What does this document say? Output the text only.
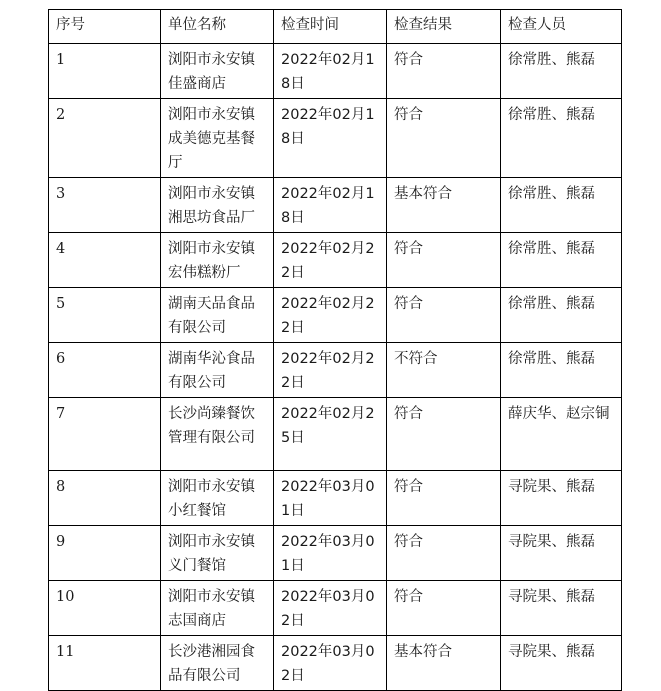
序号	单位名称	检查时间	检查结果	检查人员
1	浏阳市永安镇佳盛商店	2022年02月18日	符合	徐常胜、熊磊
2	浏阳市永安镇成美德克基餐厅	2022年02月18日	符合	徐常胜、熊磊
3	浏阳市永安镇湘思坊食品厂	2022年02月18日	基本符合	徐常胜、熊磊
4	浏阳市永安镇宏伟糕粉厂	2022年02月22日	符合	徐常胜、熊磊
5	湖南天品食品有限公司	2022年02月22日	符合	徐常胜、熊磊
6	湖南华沁食品有限公司	2022年02月22日	不符合	徐常胜、熊磊
7	长沙尚臻餐饮管理有限公司	2022年02月25日	符合	薛庆华、赵宗铜
8	浏阳市永安镇小红餐馆	2022年03月01日	符合	寻院果、熊磊
9	浏阳市永安镇义门餐馆	2022年03月01日	符合	寻院果、熊磊
10	浏阳市永安镇志国商店	2022年03月02日	符合	寻院果、熊磊
11	长沙港湘园食品有限公司	2022年03月02日	基本符合	寻院果、熊磊
